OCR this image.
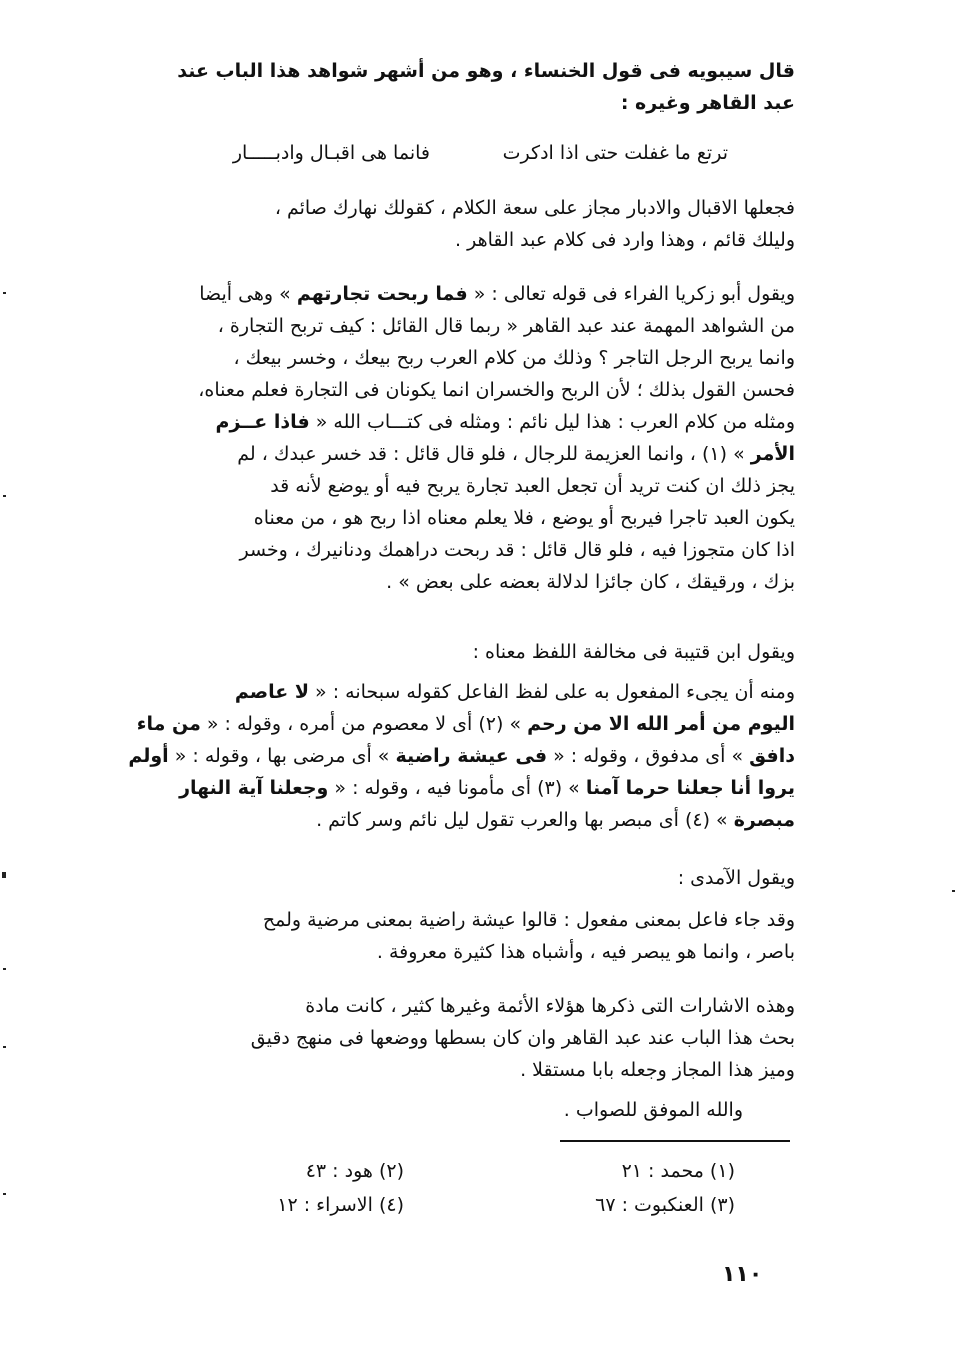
قال سيبويه فى قول الخنساء ، وهو من أشهر شواهد هذا الباب عند
عبد القاهر وغيره :
ترتع ما غفلت حتى اذا ادكرت
فانما هى اقبـال وادبـــــار
فجعلها الاقبال والادبار مجاز على سعة الكلام ، كقولك نهارك صائم ،
وليلك قائم ، وهذا وارد فى كلام عبد القاهر .
ويقول أبو زكريا الفراء فى قوله تعالى : « فما ربحت تجارتهم » وهى أيضا
من الشواهد المهمة عند عبد القاهر « ربما قال القائل : كيف تربح التجارة ،
وانما يربح الرجل التاجر ؟ وذلك من كلام العرب ربح بيعك ، وخسر بيعك ،
فحسن القول بذلك ؛ لأن الربح والخسران انما يكونان فى التجارة فعلم معناه،
ومثله من كلام العرب : هذا ليل نائم : ومثله فى كتـــاب الله « فاذا عــزم
الأمر » (١) ، وانما العزيمة للرجال ، فلو قال قائل : قد خسر عبدك ، لم
يجز ذلك ان كنت تريد أن تجعل العبد تجارة يربح فيه أو يوضع لأنه قد
يكون العبد تاجرا فيربح أو يوضع ، فلا يعلم معناه اذا ربح هو ، من معناه
اذا كان متجوزا فيه ، فلو قال قائل : قد ربحت دراهمك ودنانيرك ، وخسر
بزك ، ورقيقك ، كان جائزا لدلالة بعضه على بعض » .
ويقول ابن قتيبة فى مخالفة اللفظ معناه :
ومنه أن يجىء المفعول به على لفظ الفاعل كقوله سبحانه : « لا عاصم
اليوم من أمر الله الا من رحم » (٢) أى لا معصوم من أمره ، وقوله : « من ماء
دافق » أى مدفوق ، وقوله : « فى عيشة راضية » أى مرضى بها ، وقوله : « أولم
يروا أنا جعلنا حرما آمنا » (٣) أى مأمونا فيه ، وقوله : « وجعلنا آية النهار
مبصرة » (٤) أى مبصر بها والعرب تقول ليل نائم وسر كاتم .
ويقول الآمدى :
وقد جاء فاعل بمعنى مفعول : قالوا عيشة راضية بمعنى مرضية ولمح
باصر ، وانما هو يبصر فيه ، وأشباه هذا كثيرة معروفة .
وهذه الاشارات التى ذكرها هؤلاء الأئمة وغيرها كثير ، كانت مادة
بحث هذا الباب عند عبد القاهر وان كان بسطها ووضعها فى منهج دقيق
وميز هذا المجاز وجعله بابا مستقلا .
والله الموفق للصواب .
(١) محمد : ٢١
(٢) هود : ٤٣
(٣) العنكبوت : ٦٧
(٤) الاسراء : ١٢
١١٠
